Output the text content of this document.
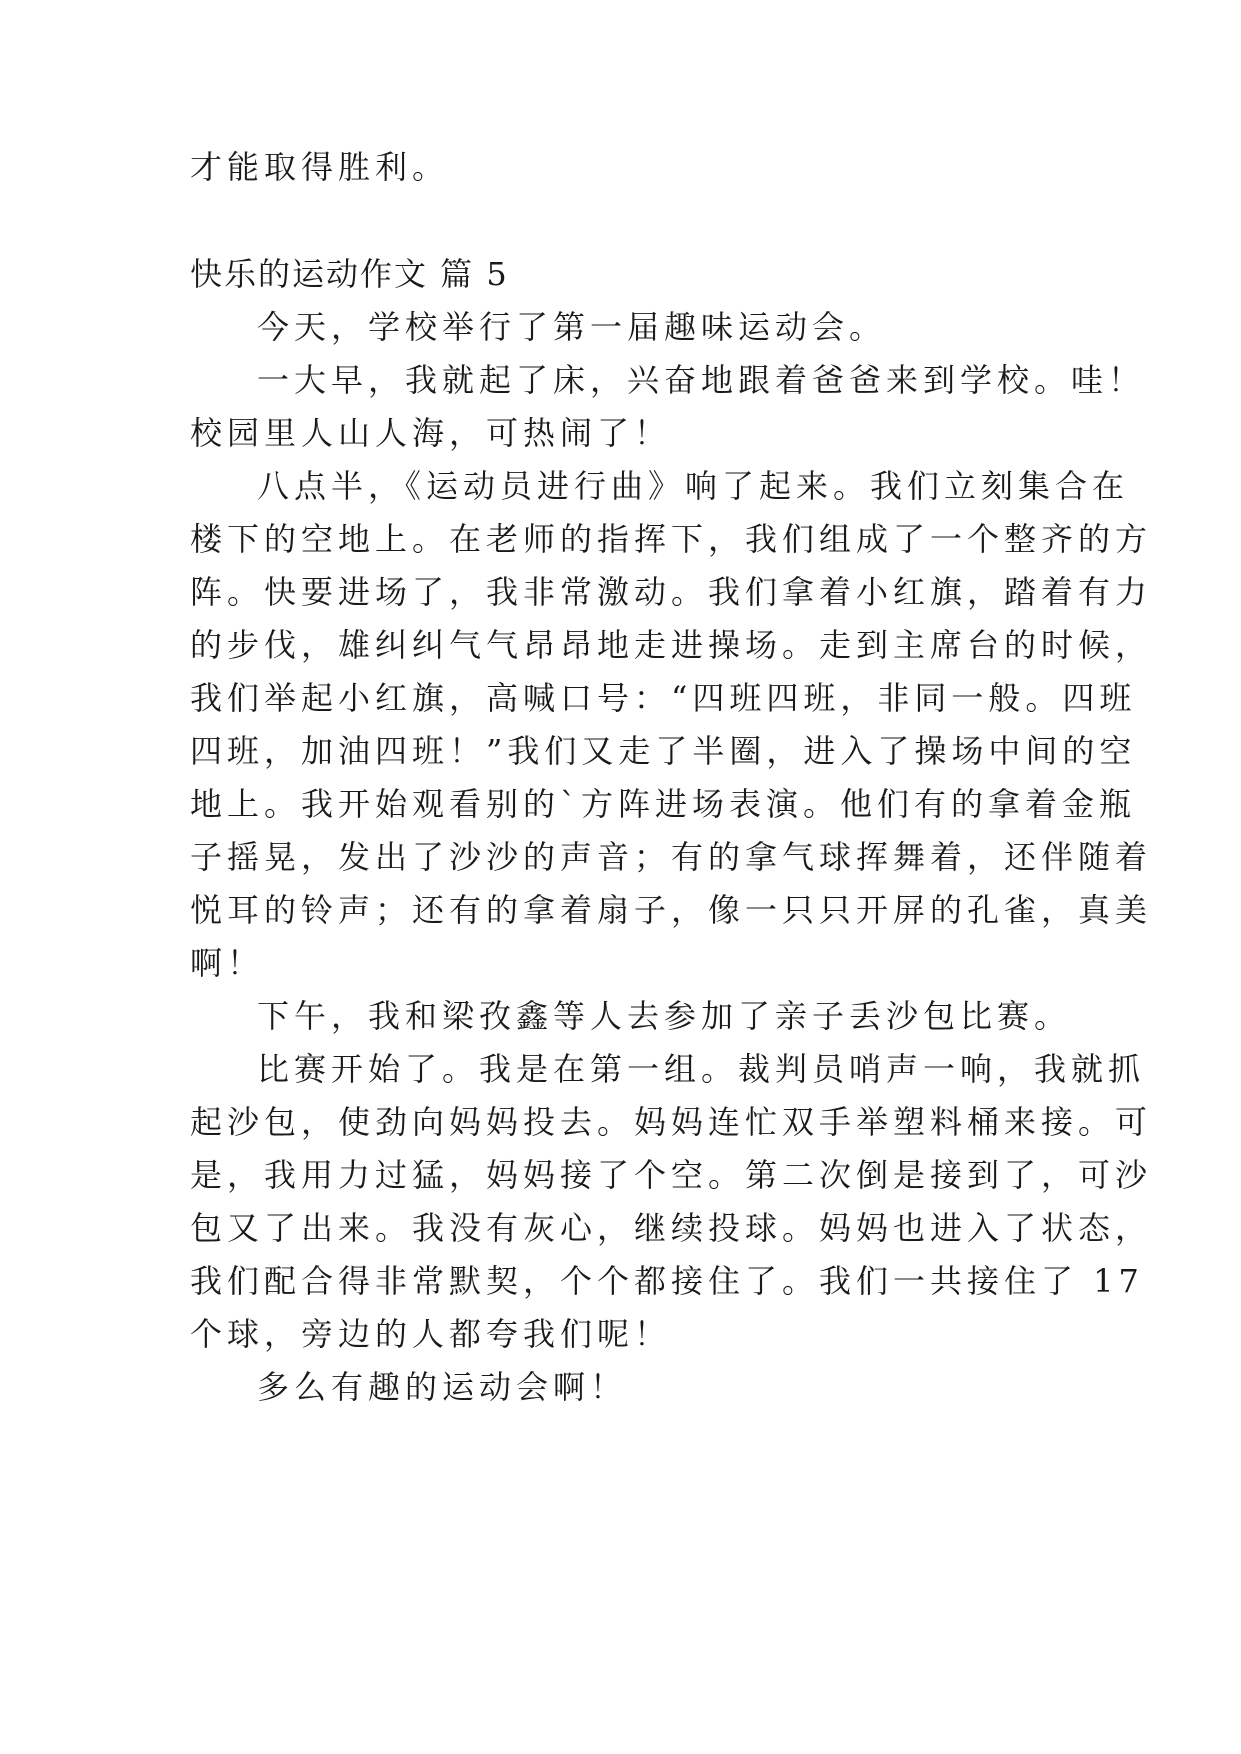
才能取得胜利。
快乐的运动作文 篇 5
今天，学校举行了第一届趣味运动会。
一大早，我就起了床，兴奋地跟着爸爸来到学校。哇！
校园里人山人海，可热闹了！
八点半，《运动员进行曲》响了起来。我们立刻集合在
楼下的空地上。在老师的指挥下，我们组成了一个整齐的方
阵。快要进场了，我非常激动。我们拿着小红旗，踏着有力
的步伐，雄纠纠气气昂昂地走进操场。走到主席台的时候，
我们举起小红旗，高喊口号：“四班四班，非同一般。四班
四班，加油四班！”我们又走了半圈，进入了操场中间的空
地上。我开始观看别的`方阵进场表演。他们有的拿着金瓶
子摇晃，发出了沙沙的声音；有的拿气球挥舞着，还伴随着
悦耳的铃声；还有的拿着扇子，像一只只开屏的孔雀，真美
啊！
下午，我和梁孜鑫等人去参加了亲子丢沙包比赛。
比赛开始了。我是在第一组。裁判员哨声一响，我就抓
起沙包，使劲向妈妈投去。妈妈连忙双手举塑料桶来接。可
是，我用力过猛，妈妈接了个空。第二次倒是接到了，可沙
包又了出来。我没有灰心，继续投球。妈妈也进入了状态，
我们配合得非常默契，个个都接住了。我们一共接住了 17
个球，旁边的人都夸我们呢！
多么有趣的运动会啊！
